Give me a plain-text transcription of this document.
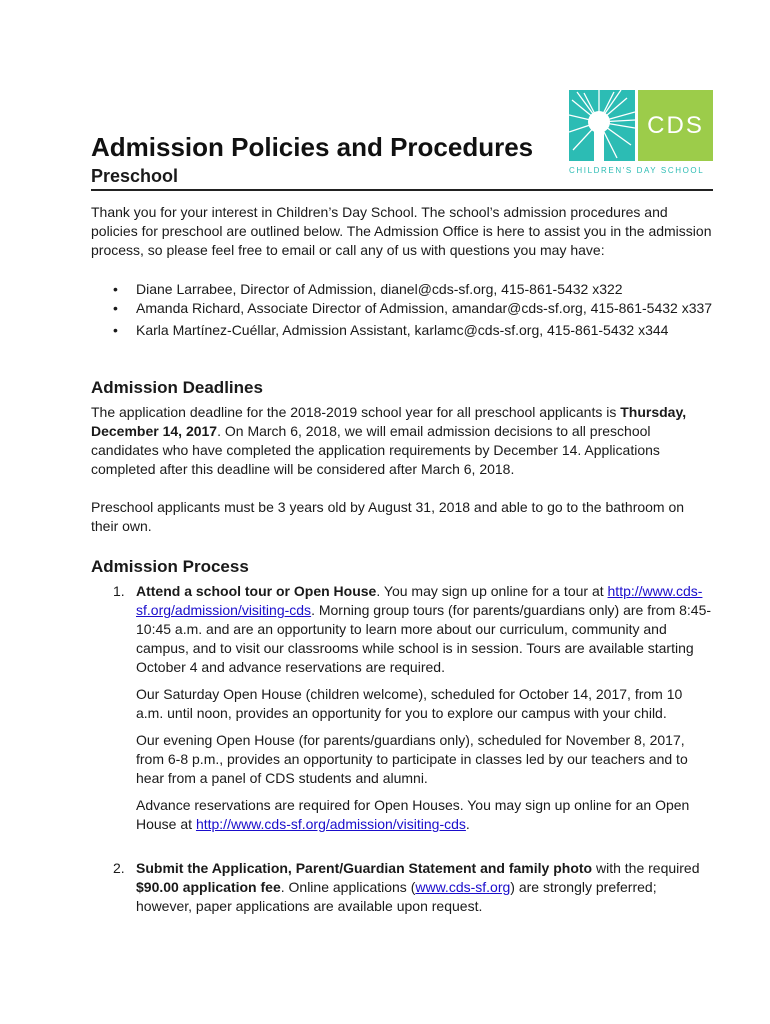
CDS
CHILDREN'S DAY SCHOOL
Admission Policies and Procedures
Preschool
Thank you for your interest in Children’s Day School. The school’s admission procedures and policies for preschool are outlined below. The Admission Office is here to assist you in the admission process, so please feel free to email or call any of us with questions you may have:
• Diane Larrabee, Director of Admission, dianel@cds-sf.org, 415-861-5432 x322
• Amanda Richard, Associate Director of Admission, amandar@cds-sf.org, 415-861-5432 x337
• Karla Martínez-Cuéllar, Admission Assistant, karlamc@cds-sf.org, 415-861-5432 x344
Admission Deadlines
The application deadline for the 2018-2019 school year for all preschool applicants is Thursday, December 14, 2017. On March 6, 2018, we will email admission decisions to all preschool candidates who have completed the application requirements by December 14. Applications completed after this deadline will be considered after March 6, 2018.
Preschool applicants must be 3 years old by August 31, 2018 and able to go to the bathroom on their own.
Admission Process
1. Attend a school tour or Open House. You may sign up online for a tour at http://www.cds-sf.org/admission/visiting-cds. Morning group tours (for parents/guardians only) are from 8:45-10:45 a.m. and are an opportunity to learn more about our curriculum, community and campus, and to visit our classrooms while school is in session. Tours are available starting October 4 and advance reservations are required.
Our Saturday Open House (children welcome), scheduled for October 14, 2017, from 10 a.m. until noon, provides an opportunity for you to explore our campus with your child.
Our evening Open House (for parents/guardians only), scheduled for November 8, 2017, from 6-8 p.m., provides an opportunity to participate in classes led by our teachers and to hear from a panel of CDS students and alumni.
Advance reservations are required for Open Houses. You may sign up online for an Open House at http://www.cds-sf.org/admission/visiting-cds.
2. Submit the Application, Parent/Guardian Statement and family photo with the required $90.00 application fee. Online applications (www.cds-sf.org) are strongly preferred; however, paper applications are available upon request.
